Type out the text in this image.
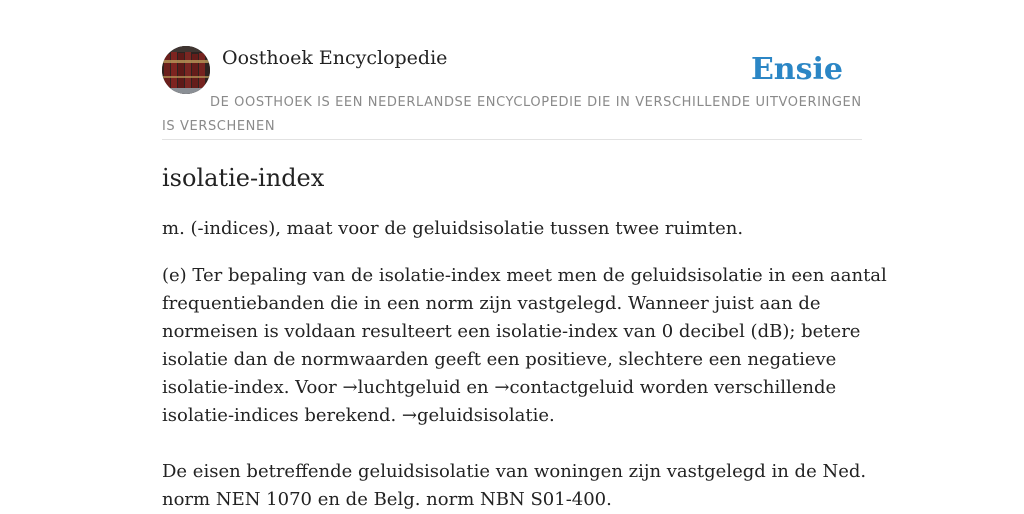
Oosthoek Encyclopedie	Ensie
DE OOSTHOEK IS EEN NEDERLANDSE ENCYCLOPEDIE DIE IN VERSCHILLENDE UITVOERINGEN IS VERSCHENEN
isolatie-index

m. (-indices), maat voor de geluidsisolatie tussen twee ruimten.

(e) Ter bepaling van de isolatie-index meet men de geluidsisolatie in een aantal
frequentiebanden die in een norm zijn vastgelegd. Wanneer juist aan de
normeisen is voldaan resulteert een isolatie-index van 0 decibel (dB); betere
isolatie dan de normwaarden geeft een positieve, slechtere een negatieve
isolatie-index. Voor →luchtgeluid en →contactgeluid worden verschillende
isolatie-indices berekend. →geluidsisolatie.
De eisen betreffende geluidsisolatie van woningen zijn vastgelegd in de Ned.
norm NEN 1070 en de Belg. norm NBN S01-400.
